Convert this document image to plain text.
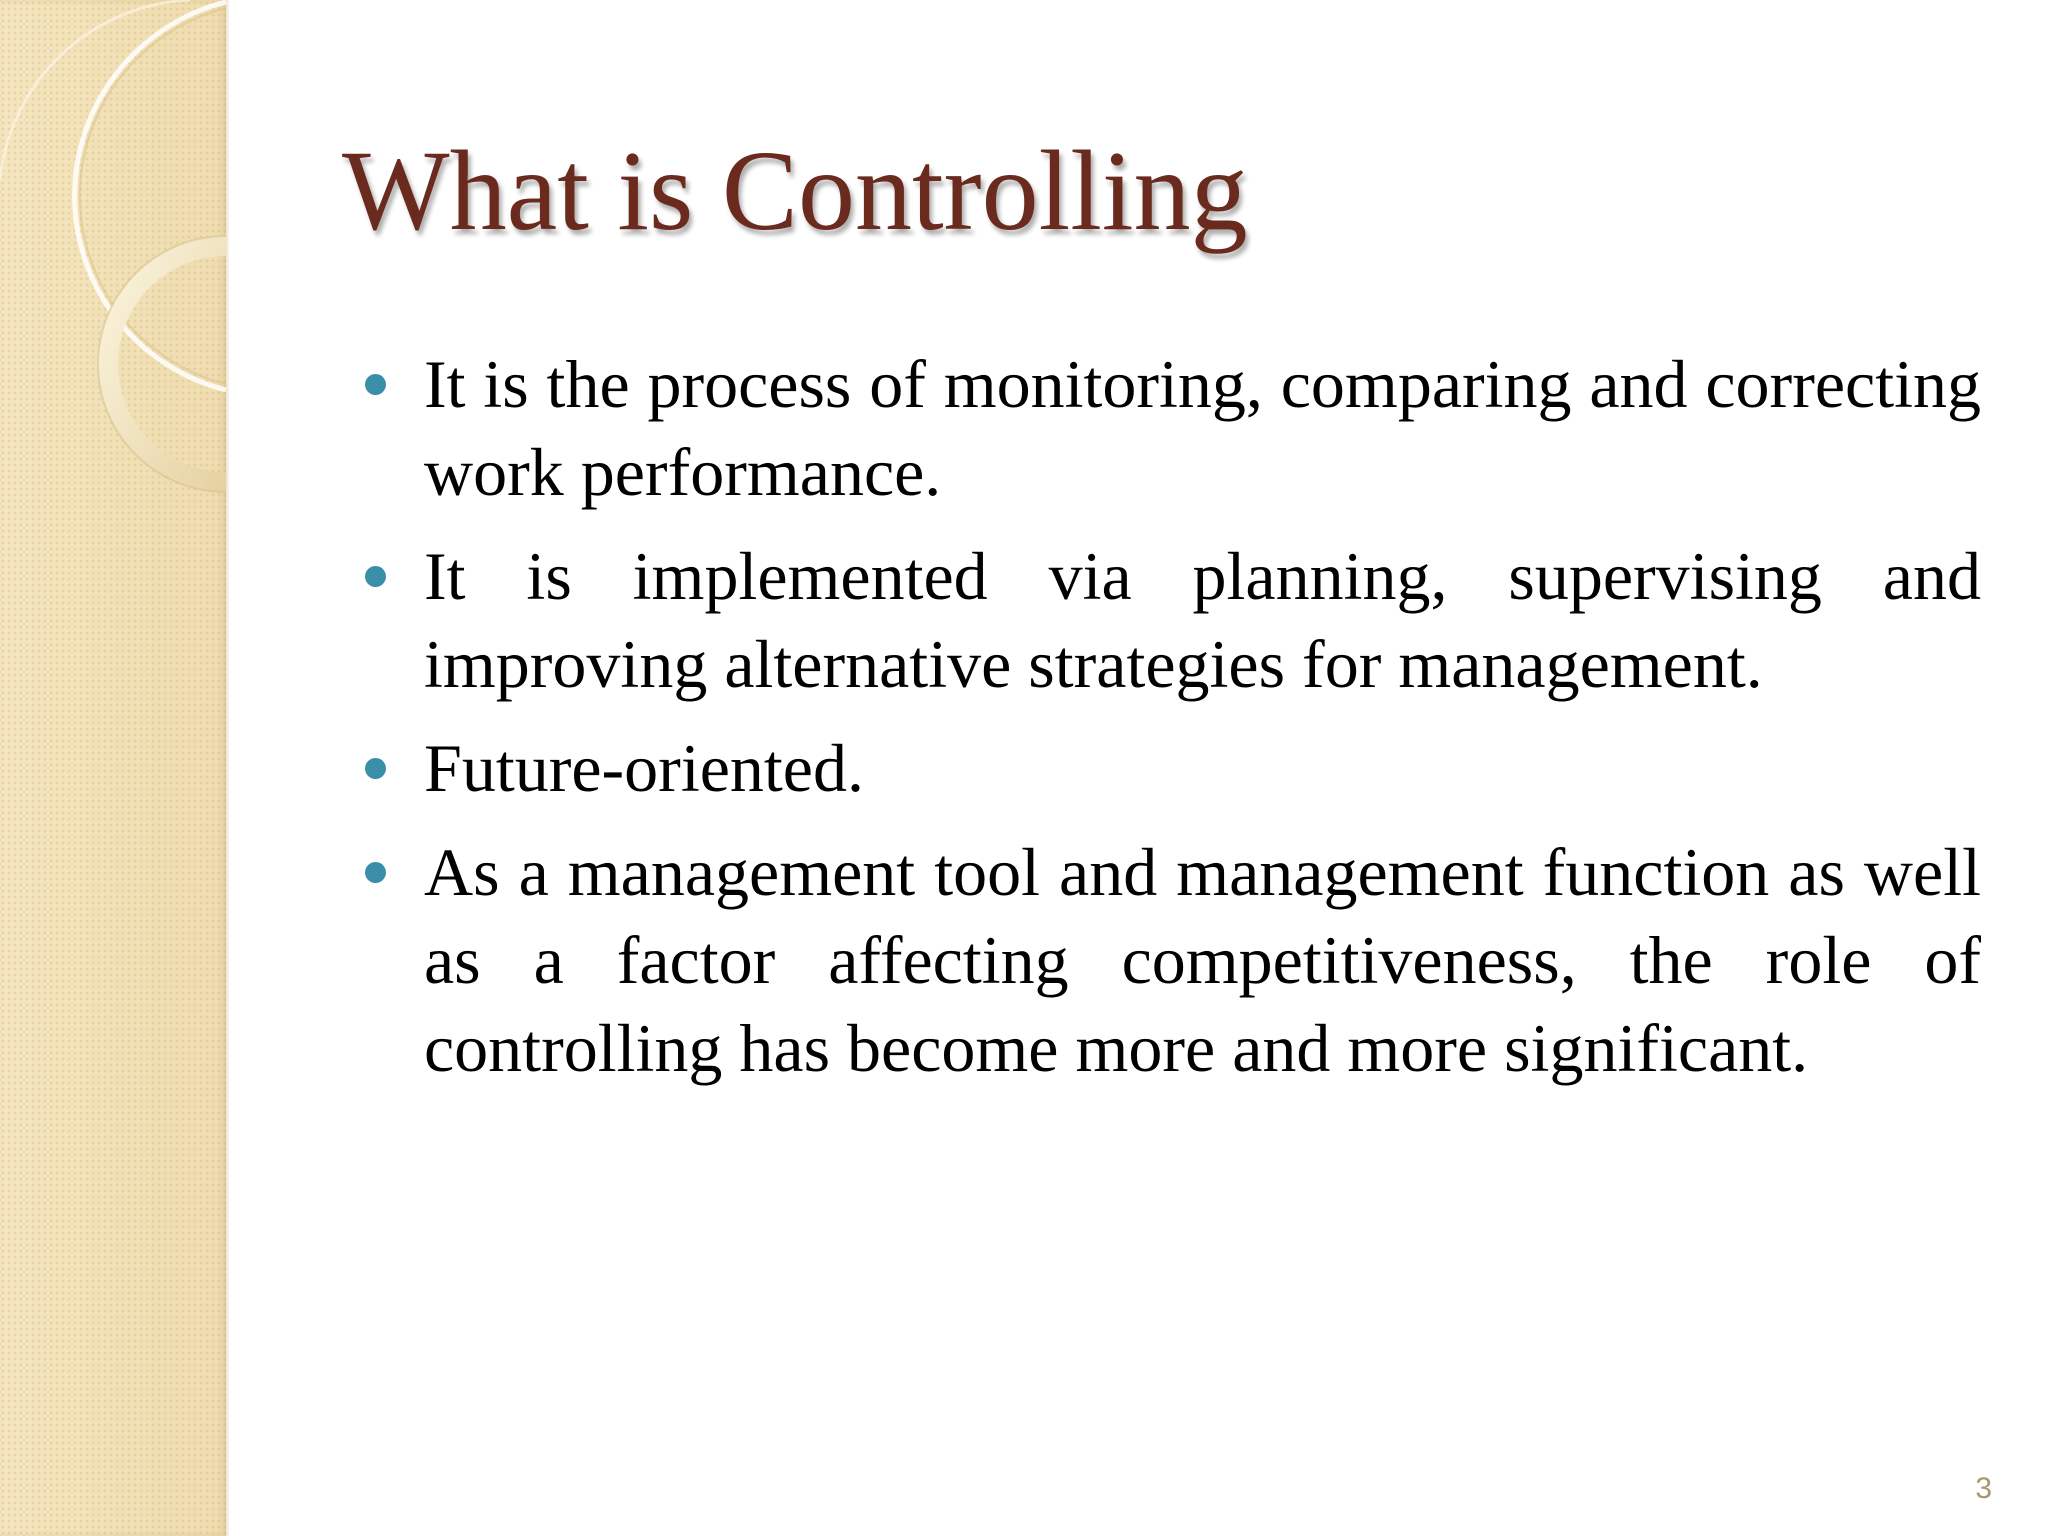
What is Controlling
It is the process of monitoring, comparing and correcting work performance.
It is implemented via planning, supervising and improving alternative strategies for management.
Future-oriented.
As a management tool and management function as well as a factor affecting competitiveness, the role of controlling has become more and more significant.
3
